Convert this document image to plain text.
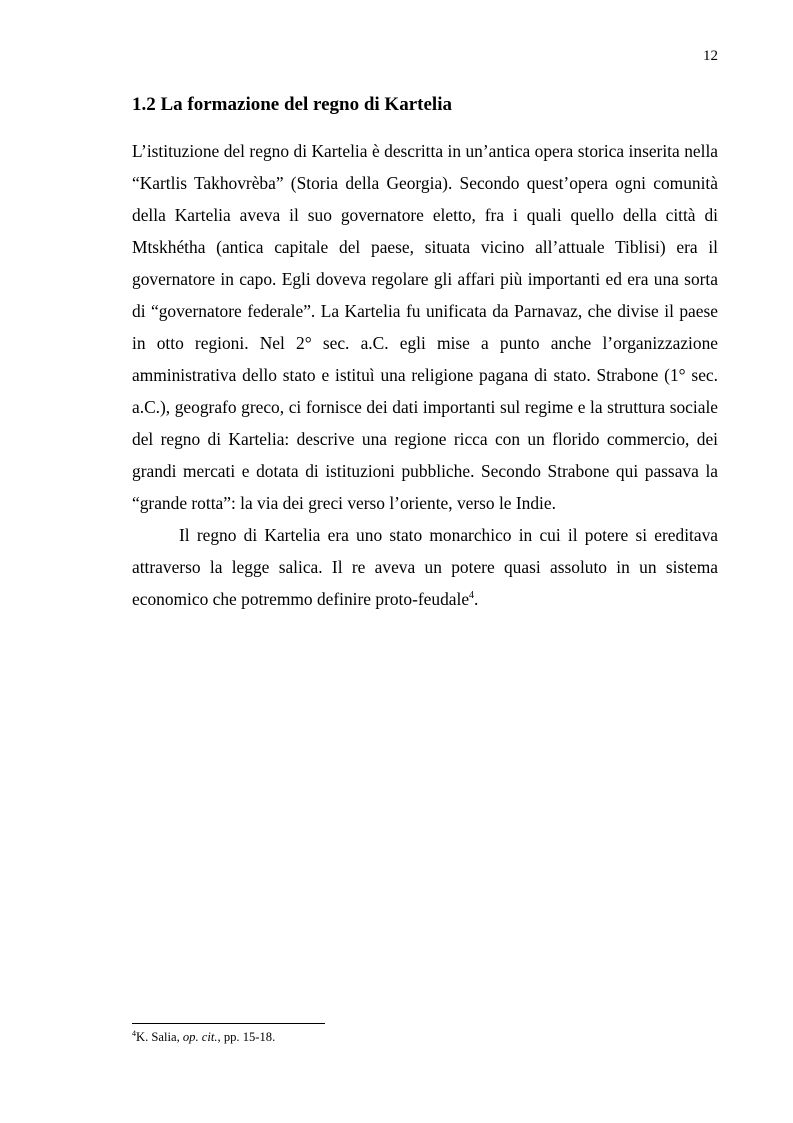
12
1.2 La formazione del regno di Kartelia

L’istituzione del regno di Kartelia è descritta in un’antica opera storica inserita nella “Kartlis Takhovrèba” (Storia della Georgia). Secondo quest’opera ogni comunità della Kartelia aveva il suo governatore eletto, fra i quali quello della città di Mtskhétha (antica capitale del paese, situata vicino all’attuale Tiblisi) era il governatore in capo. Egli doveva regolare gli affari più importanti ed era una sorta di “governatore federale”. La Kartelia fu unificata da Parnavaz, che divise il paese in otto regioni. Nel 2° sec. a.C. egli mise a punto anche l’organizzazione amministrativa dello stato e istituì una religione pagana di stato. Strabone (1° sec. a.C.), geografo greco, ci fornisce dei dati importanti sul regime e la struttura sociale del regno di Kartelia: descrive una regione ricca con un florido commercio, dei grandi mercati e dotata di istituzioni pubbliche. Secondo Strabone qui passava la “grande rotta”: la via dei greci verso l’oriente, verso le Indie.

Il regno di Kartelia era uno stato monarchico in cui il potere si ereditava attraverso la legge salica. Il re aveva un potere quasi assoluto in un sistema economico che potremmo definire proto-feudale$^4$.

$^4$K. Salia, op. cit., pp. 15-18.
